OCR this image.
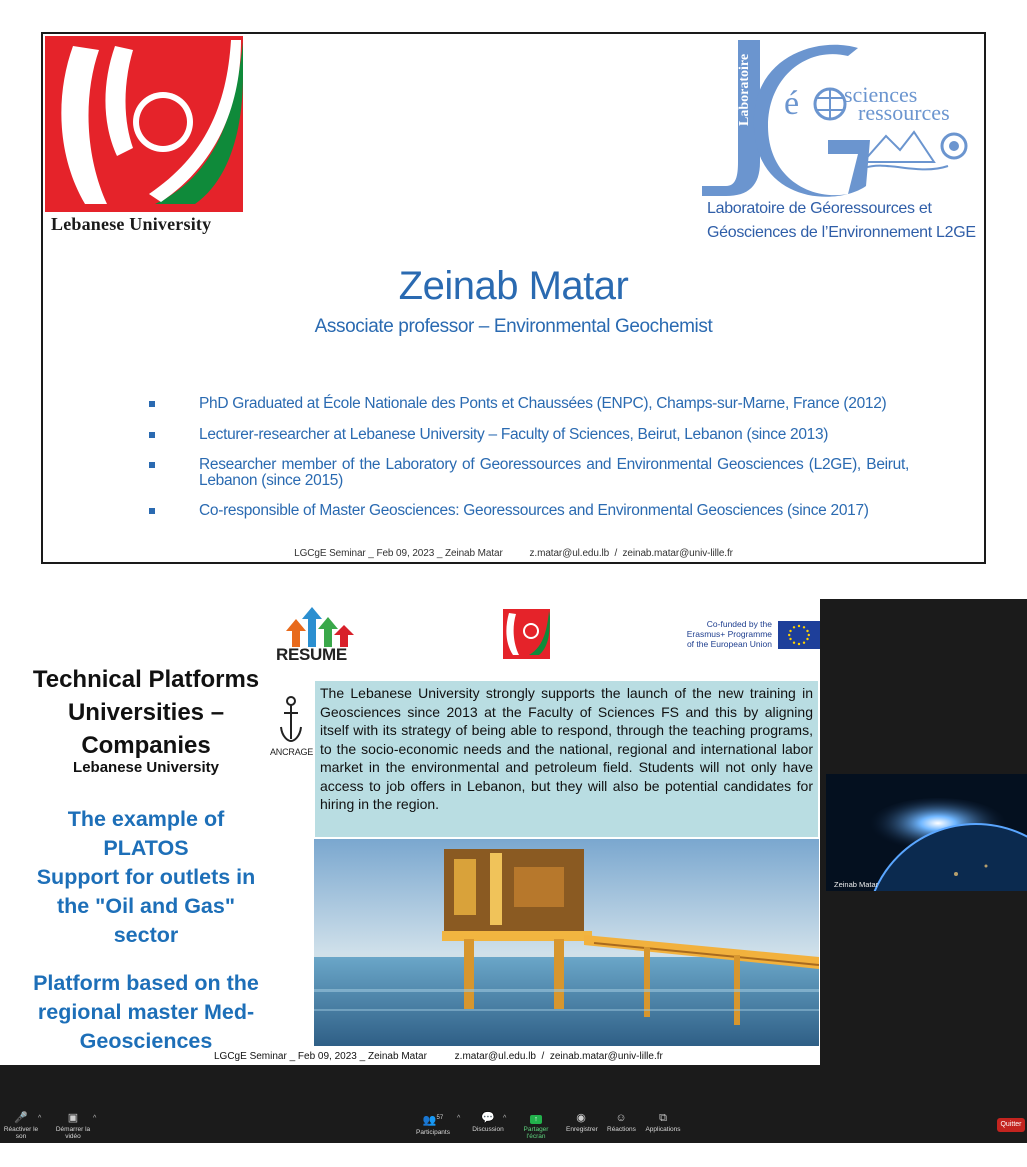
Lebanese University
Laboratoire é sciences
ressources
Laboratoire de Géoressources et
Géosciences de l’Environnement L2GE
Zeinab Matar
Associate professor – Environmental Geochemist
PhD Graduated at École Nationale des Ponts et Chaussées (ENPC), Champs-sur-Marne, France (2012)
Lecturer-researcher at Lebanese University – Faculty of Sciences, Beirut, Lebanon (since 2013)
Researcher member of the Laboratory of Georessources and Environmental Geosciences (L2GE), Beirut, Lebanon (since 2015)
Co-responsible of Master Geosciences: Georessources and Environmental Geosciences (since 2017)
LGCgE Seminar _ Feb 09, 2023 _ Zeinab Matar          z.matar@ul.edu.lb  /  zeinab.matar@univ-lille.fr
Technical Platforms
Universities –
Companies
Lebanese University
The example of
PLATOS
Support for outlets in
the "Oil and Gas"
sector
Platform based on the
regional master Med-
Geosciences
RESUME
Co-funded by the
Erasmus+ Programme
of the European Union
ANCRAGE
The Lebanese University strongly supports the launch of the new training in Geosciences since 2013 at the Faculty of Sciences FS and this by aligning itself with its strategy of being able to respond, through the teaching programs, to the socio-economic needs and the national, regional and international labor market in the environmental and petroleum field. Students will not only have access to job offers in Lebanon, but they will also be potential candidates for hiring in the region.
LGCgE Seminar _ Feb 09, 2023 _ Zeinab Matar          z.matar@ul.edu.lb  /  zeinab.matar@univ-lille.fr
Zeinab Matar
🎤
Réactiver le son
^	▣
Démarrer la vidéo
^	👥$^{57}$
Participants
^	💬
Discussion
^	↑
Partager l'écran
◉
Enregistrer
☺
Réactions
⧉
Applications
Quitter
